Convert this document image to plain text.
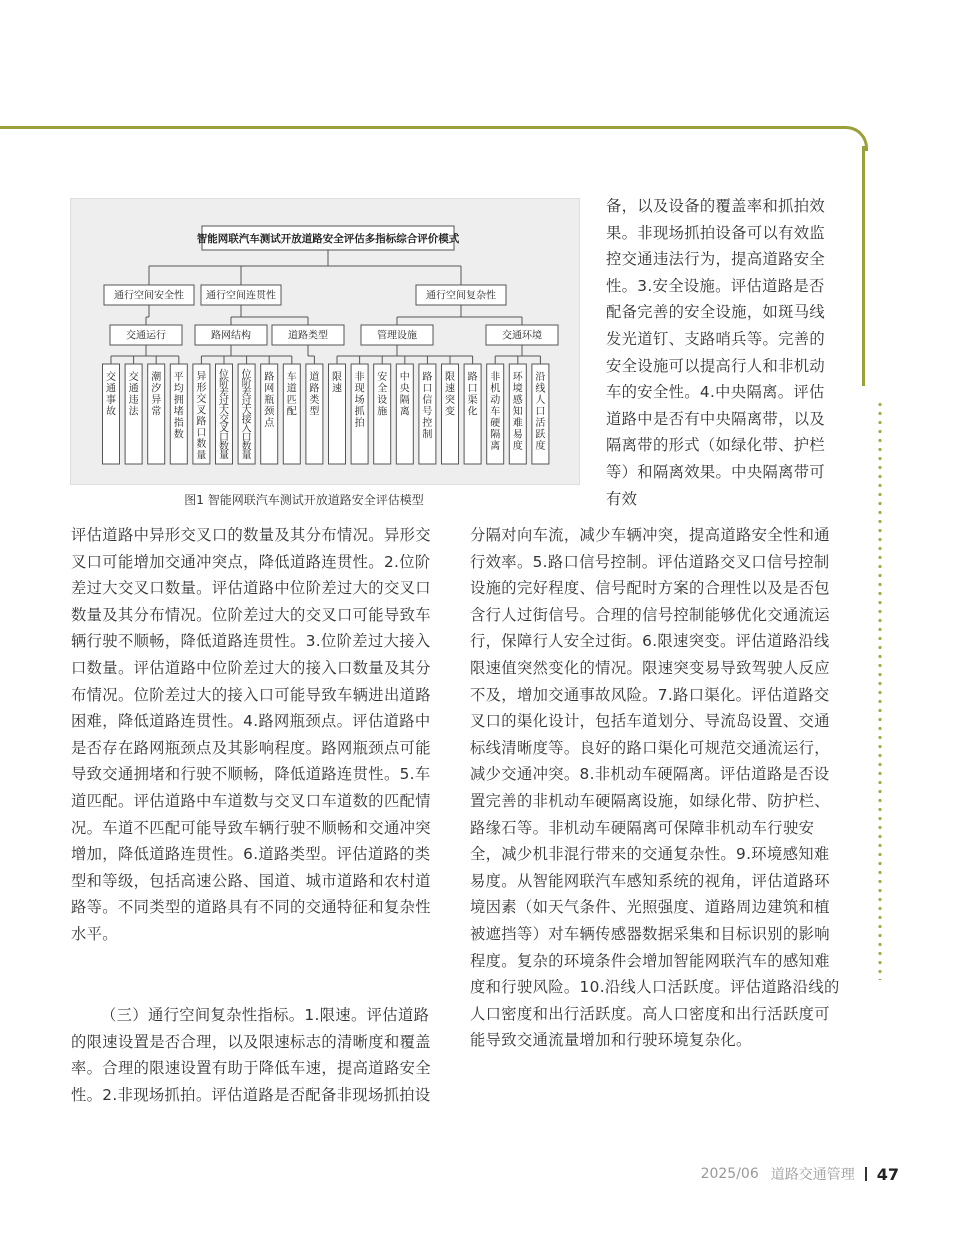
智能网联汽车测试开放道路安全评估多指标综合评价模式
通行空间安全性 通行空间连贯性	通行空间复杂性
交通运行	路网结构	道路类型	管理设施	交通环境
交通事故
交通违法
潮汐异常
平均拥堵指数
异形交叉路口数量
位阶差过大交叉口数量
位阶差过大接入口数量
路网瓶颈点
车道匹配
道路类型
限速
非现场抓拍
安全设施
中央隔离
路口信号控制
限速突变
路口渠化
非机动车硬隔离
环境感知难易度
沿线人口活跃度
图1 智能网联汽车测试开放道路安全评估模型

备，以及设备的覆盖率和抓拍效果。非现场抓拍设备可以有效监控交通违法行为，提高道路安全性。3.安全设施。评估道路是否配备完善的安全设施，如斑马线发光道钉、支路哨兵等。完善的安全设施可以提高行人和非机动车的安全性。4.中央隔离。评估道路中是否有中央隔离带，以及隔离带的形式（如绿化带、护栏等）和隔离效果。中央隔离带可有效

评估道路中异形交叉口的数量及其分布情况。异形交叉口可能增加交通冲突点，降低道路连贯性。2.位阶差过大交叉口数量。评估道路中位阶差过大的交叉口数量及其分布情况。位阶差过大的交叉口可能导致车辆行驶不顺畅，降低道路连贯性。3.位阶差过大接入口数量。评估道路中位阶差过大的接入口数量及其分布情况。位阶差过大的接入口可能导致车辆进出道路困难，降低道路连贯性。4.路网瓶颈点。评估道路中是否存在路网瓶颈点及其影响程度。路网瓶颈点可能导致交通拥堵和行驶不顺畅，降低道路连贯性。5.车道匹配。评估道路中车道数与交叉口车道数的匹配情况。车道不匹配可能导致车辆行驶不顺畅和交通冲突增加，降低道路连贯性。6.道路类型。评估道路的类型和等级，包括高速公路、国道、城市道路和农村道路等。不同类型的道路具有不同的交通特征和复杂性水平。

（三）通行空间复杂性指标。1.限速。评估道路的限速设置是否合理，以及限速标志的清晰度和覆盖率。合理的限速设置有助于降低车速，提高道路安全性。2.非现场抓拍。评估道路是否配备非现场抓拍设

分隔对向车流，减少车辆冲突，提高道路安全性和通行效率。5.路口信号控制。评估道路交叉口信号控制设施的完好程度、信号配时方案的合理性以及是否包含行人过街信号。合理的信号控制能够优化交通流运行，保障行人安全过街。6.限速突变。评估道路沿线限速值突然变化的情况。限速突变易导致驾驶人反应不及，增加交通事故风险。7.路口渠化。评估道路交叉口的渠化设计，包括车道划分、导流岛设置、交通标线清晰度等。良好的路口渠化可规范交通流运行，减少交通冲突。8.非机动车硬隔离。评估道路是否设置完善的非机动车硬隔离设施，如绿化带、防护栏、路缘石等。非机动车硬隔离可保障非机动车行驶安全，减少机非混行带来的交通复杂性。9.环境感知难易度。从智能网联汽车感知系统的视角，评估道路环境因素（如天气条件、光照强度、道路周边建筑和植被遮挡等）对车辆传感器数据采集和目标识别的影响程度。复杂的环境条件会增加智能网联汽车的感知难度和行驶风险。10.沿线人口活跃度。评估道路沿线的人口密度和出行活跃度。高人口密度和出行活跃度可能导致交通流量增加和行驶环境复杂化。

2025/06 道路交通管理 47
